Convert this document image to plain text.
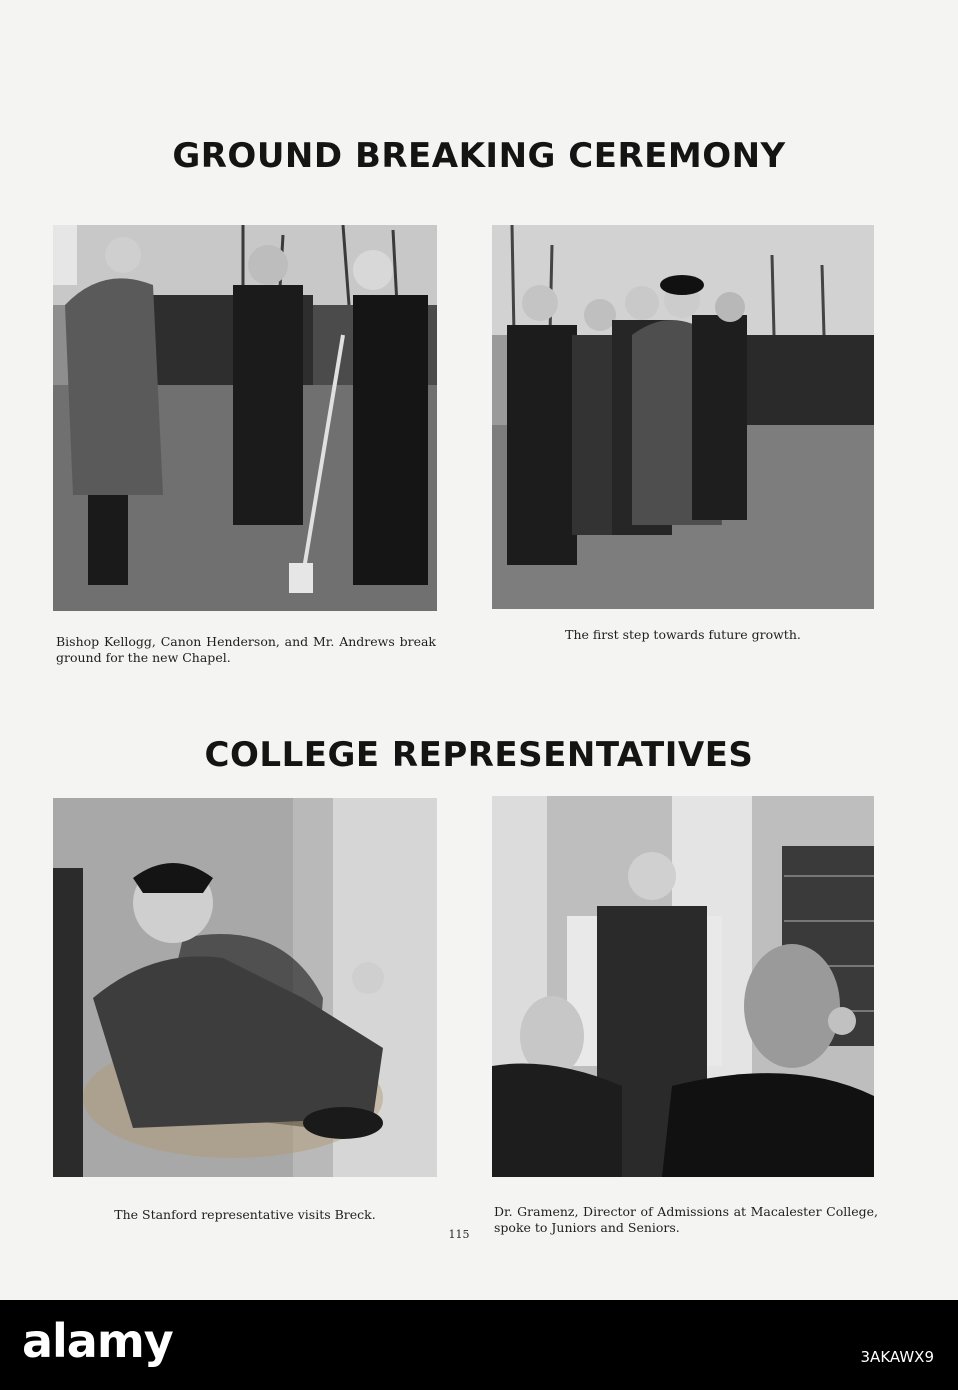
GROUND BREAKING CEREMONY

Bishop Kellogg, Canon Henderson, and Mr. Andrews break ground for the new Chapel.

The first step towards future growth.

COLLEGE REPRESENTATIVES

The Stanford representative visits Breck.	Dr. Gramenz, Director of Admissions at Macalester College, spoke to Juniors and Seniors.

115
alamy	3AKAWX9
